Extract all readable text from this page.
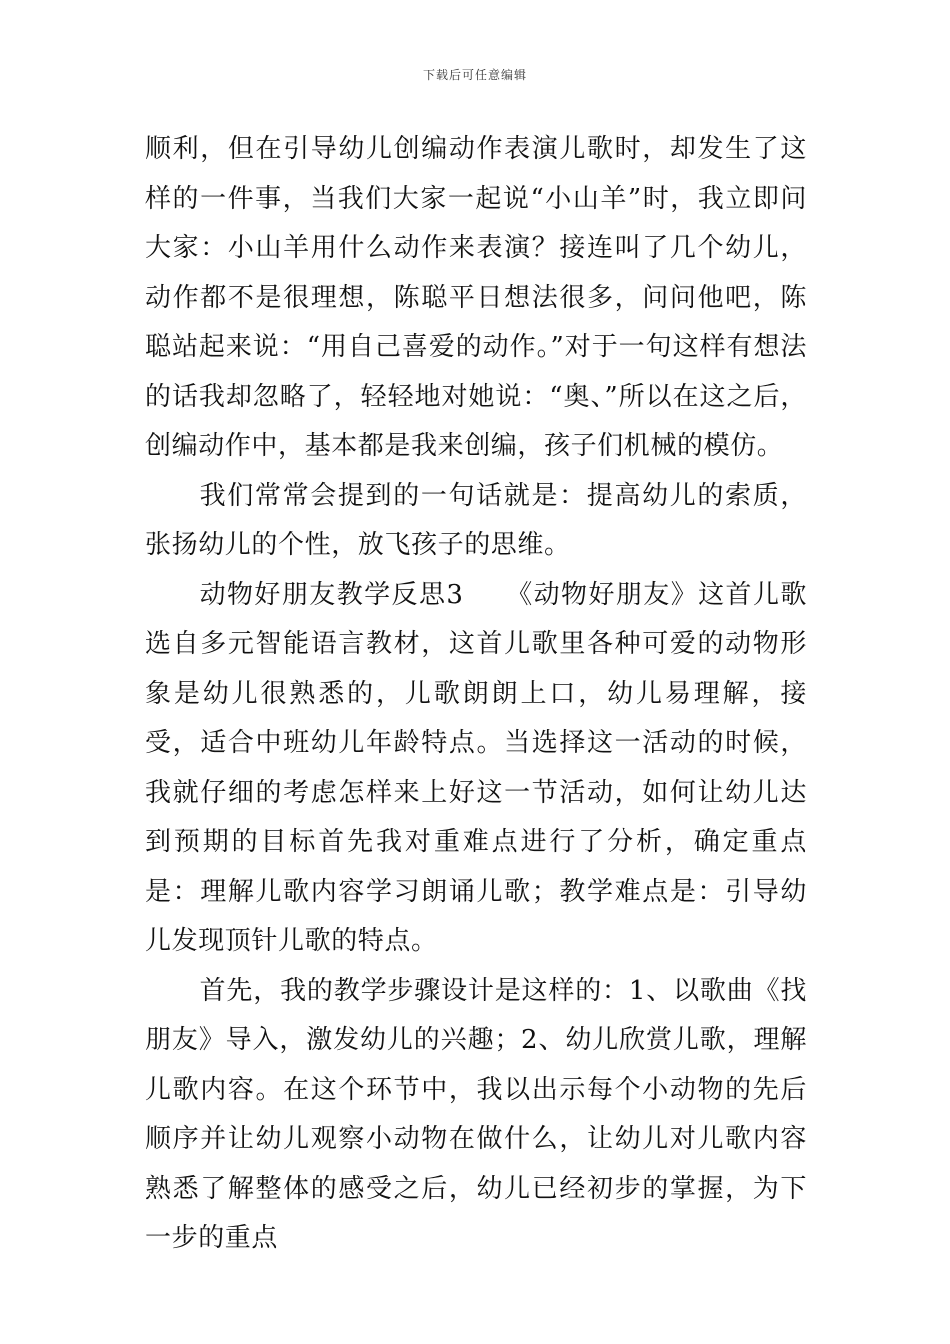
下载后可任意编辑

顺利，但在引导幼儿创编动作表演儿歌时，却发生了这样的一件事，当我们大家一起说“小山羊”时，我立即问大家：小山羊用什么动作来表演？接连叫了几个幼儿，动作都不是很理想，陈聪平日想法很多，问问他吧，陈聪站起来说：“用自己喜爱的动作。”对于一句这样有想法的话我却忽略了，轻轻地对她说：“奥、”所以在这之后，创编动作中，基本都是我来创编，孩子们机械的模仿。

我们常常会提到的一句话就是：提高幼儿的索质，张扬幼儿的个性，放飞孩子的思维。

动物好朋友教学反思3　　《动物好朋友》这首儿歌选自多元智能语言教材，这首儿歌里各种可爱的动物形象是幼儿很熟悉的，儿歌朗朗上口，幼儿易理解，接受，适合中班幼儿年龄特点。当选择这一活动的时候，我就仔细的考虑怎样来上好这一节活动，如何让幼儿达到预期的目标首先我对重难点进行了分析，确定重点是：理解儿歌内容学习朗诵儿歌；教学难点是：引导幼儿发现顶针儿歌的特点。

首先，我的教学步骤设计是这样的：1、以歌曲《找朋友》导入，激发幼儿的兴趣；2、幼儿欣赏儿歌，理解儿歌内容。在这个环节中，我以出示每个小动物的先后顺序并让幼儿观察小动物在做什么，让幼儿对儿歌内容熟悉了解整体的感受之后，幼儿已经初步的掌握，为下一步的重点
